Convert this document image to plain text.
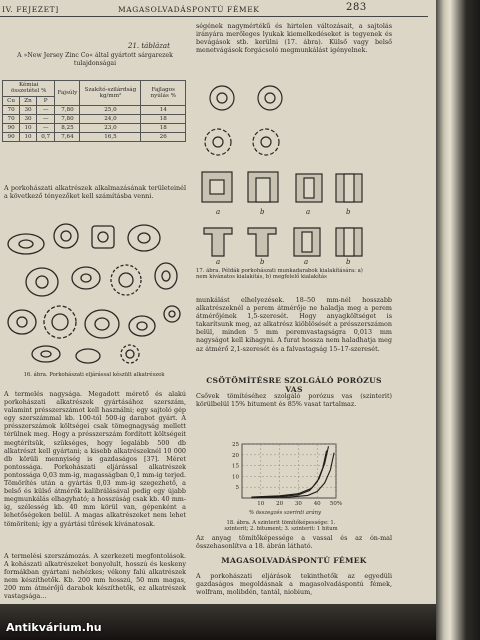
IV. FEJEZET]	MAGASOLVADÁSPONTÚ FÉMEK	283
21. táblázat
A »New Jersey Zinc Co« által gyártott sárgarezek tulajdonságai
Kémiai összetétel %			Fajsúly	Szakító-szilárdság kg/mm²	Fajlagos nyúlás %
Cu	Zn	P			
70	30	—	7,80	25,0	14
70	30	—	7,80	24,0	18
90	10	—	8,25	23,0	18
90	10	0,7	7,64	16,5	26

A porkohászati alkatrészek alkalmazásának területeinél a következő tényezőket kell számításba venni.

16. ábra. Porkohászati eljárással készült alkatrészek

A termelés nagysága. Megadott mérető és alakú porkohászati alkatrészek gyártásához szerszám, valamint présszerszámot kell használni; egy sajtoló gép egy szerszámmal kb. 100-tól 500-ig darabot gyárt. A présszerszámok költségei csak tömegnagyság mellett térülnek meg. Hogy a présszerszám fordított költségeit megtérítsük, szükséges, hogy legalább 500 db alkatrészt kell gyártani; a kisebb alkatrészeknél 10 000 db körüli mennyiség is gazdaságos [37]. Méret pontossága. Porkohászati eljárással alkatrészek pontossága 0,03 mm-ig, magasságban 0,1 mm-ig terjed. Tömörítés után a gyártás 0,03 mm-ig szegezhető, a belső és külső átmérők kalibrálásával pedig egy újabb megmunkálás elhagyható; a hosszúság csak kb. 40 mm-ig, szélesség kb. 40 mm körül van, gépenként a lehetőségeken belül. A magas alkatrészeket nem lehet tömöríteni; így a gyártási tűrések kívánatosak.

A termelési szerszámozás. A szerkezeti megfontolások. A kohászati alkatrészeket bonyolult, hosszú és keskeny formákban gyártani nehézkes; vékony falú alkatrészek nem készíthetők. Kb. 200 mm hosszú, 50 mm magas, 200 mm átmérőjű darabok készíthetők, ez alkatrészek vastagsága…

ségének nagymértékű és hirtelen változásait, a sajtolás irányára merőleges lyukak kiemelkedéseket is tegyenek és bevágások stb. kerülni (17. ábra). Külső vagy belső menetvágások forgácsoló megmunkálást igényelnek.

a	b	a	b
a	b	a	b

17. ábra. Példák porkohászati munkadarabok kialakítására: a) nem kívánatos kialakítás, b) megfelelő kialakítás

munkálást elhelyezések. 18–50 mm-nél hosszabb alkatrészeknél a perem átmérője ne haladja meg a perem átmérőjének 1,5-szeresét. Hogy anyagköltséget is takarítsunk meg, az alkatrész kiöblösését a présszerszámon belül, minden 5 mm peremvastagságra 0,013 mm nagyságot kell kihagyni. A furat hossza nem haladhatja meg az átmérő 2,1-szeresét és a falvastagság 15–17-szeresét.

CSÖTÖMÍTÉSRE SZOLGÁLÓ PORÓZUS VAS

Csővek tömítéséhez szolgáló porózus vas (szinterit) körülbelül 15% bitument és 85% vasat tartalmaz.

5
10
15
20
25
10 20 30 40 50%

% összegzés szerinti arány

18. ábra. A szinterit tömítőképessége: 1. szinterit; 2. bitument; 3. szinterit: 1 bitum

Az anyag tömítőképessége a vassal és az ón-mal összehasonlítva a 18. ábrán látható.

MAGASOLVADÁSPONTÚ FÉMEK

A porkohászati eljárások tekinthetők az egyedüli gazdaságos megoldásnak a magasolvadáspontú fémek, wolfram, molibdén, tantál, niobium,

Antikvárium.hu
